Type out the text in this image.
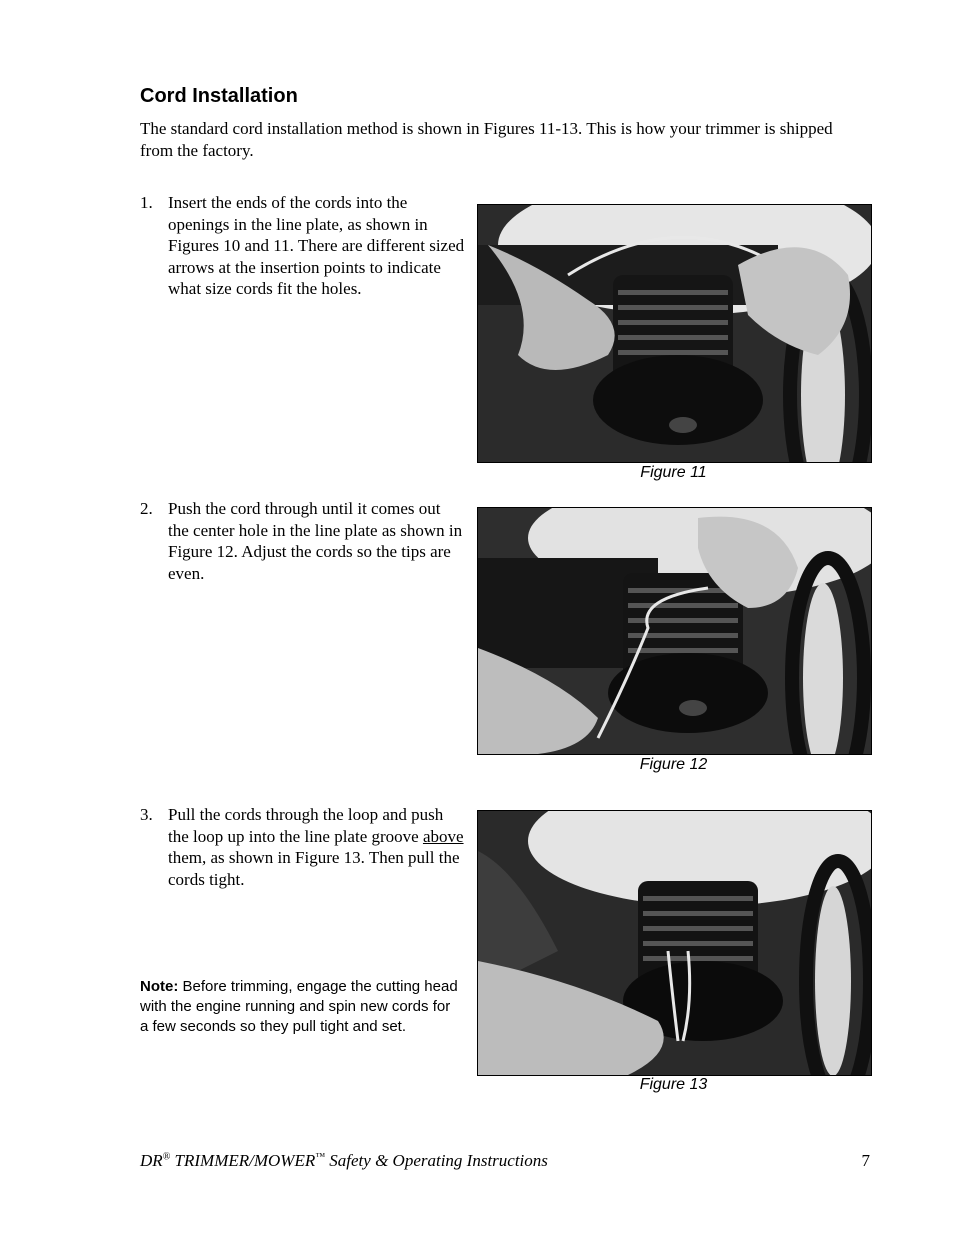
Cord Installation
The standard cord installation method is shown in Figures 11-13. This is how your trimmer is shipped from the factory.
1. Insert the ends of the cords into the openings in the line plate, as shown in Figures 10 and 11. There are different sized arrows at the insertion points to indicate what size cords fit the holes.
Figure 11
2. Push the cord through until it comes out the center hole in the line plate as shown in Figure 12. Adjust the cords so the tips are even.
Figure 12
3. Pull the cords through the loop and push the loop up into the line plate groove above them, as shown in Figure 13. Then pull the cords tight.
Figure 13
Note: Before trimming, engage the cutting head with the engine running and spin new cords for a few seconds so they pull tight and set.
DR® TRIMMER/MOWER™ Safety & Operating Instructions	7
